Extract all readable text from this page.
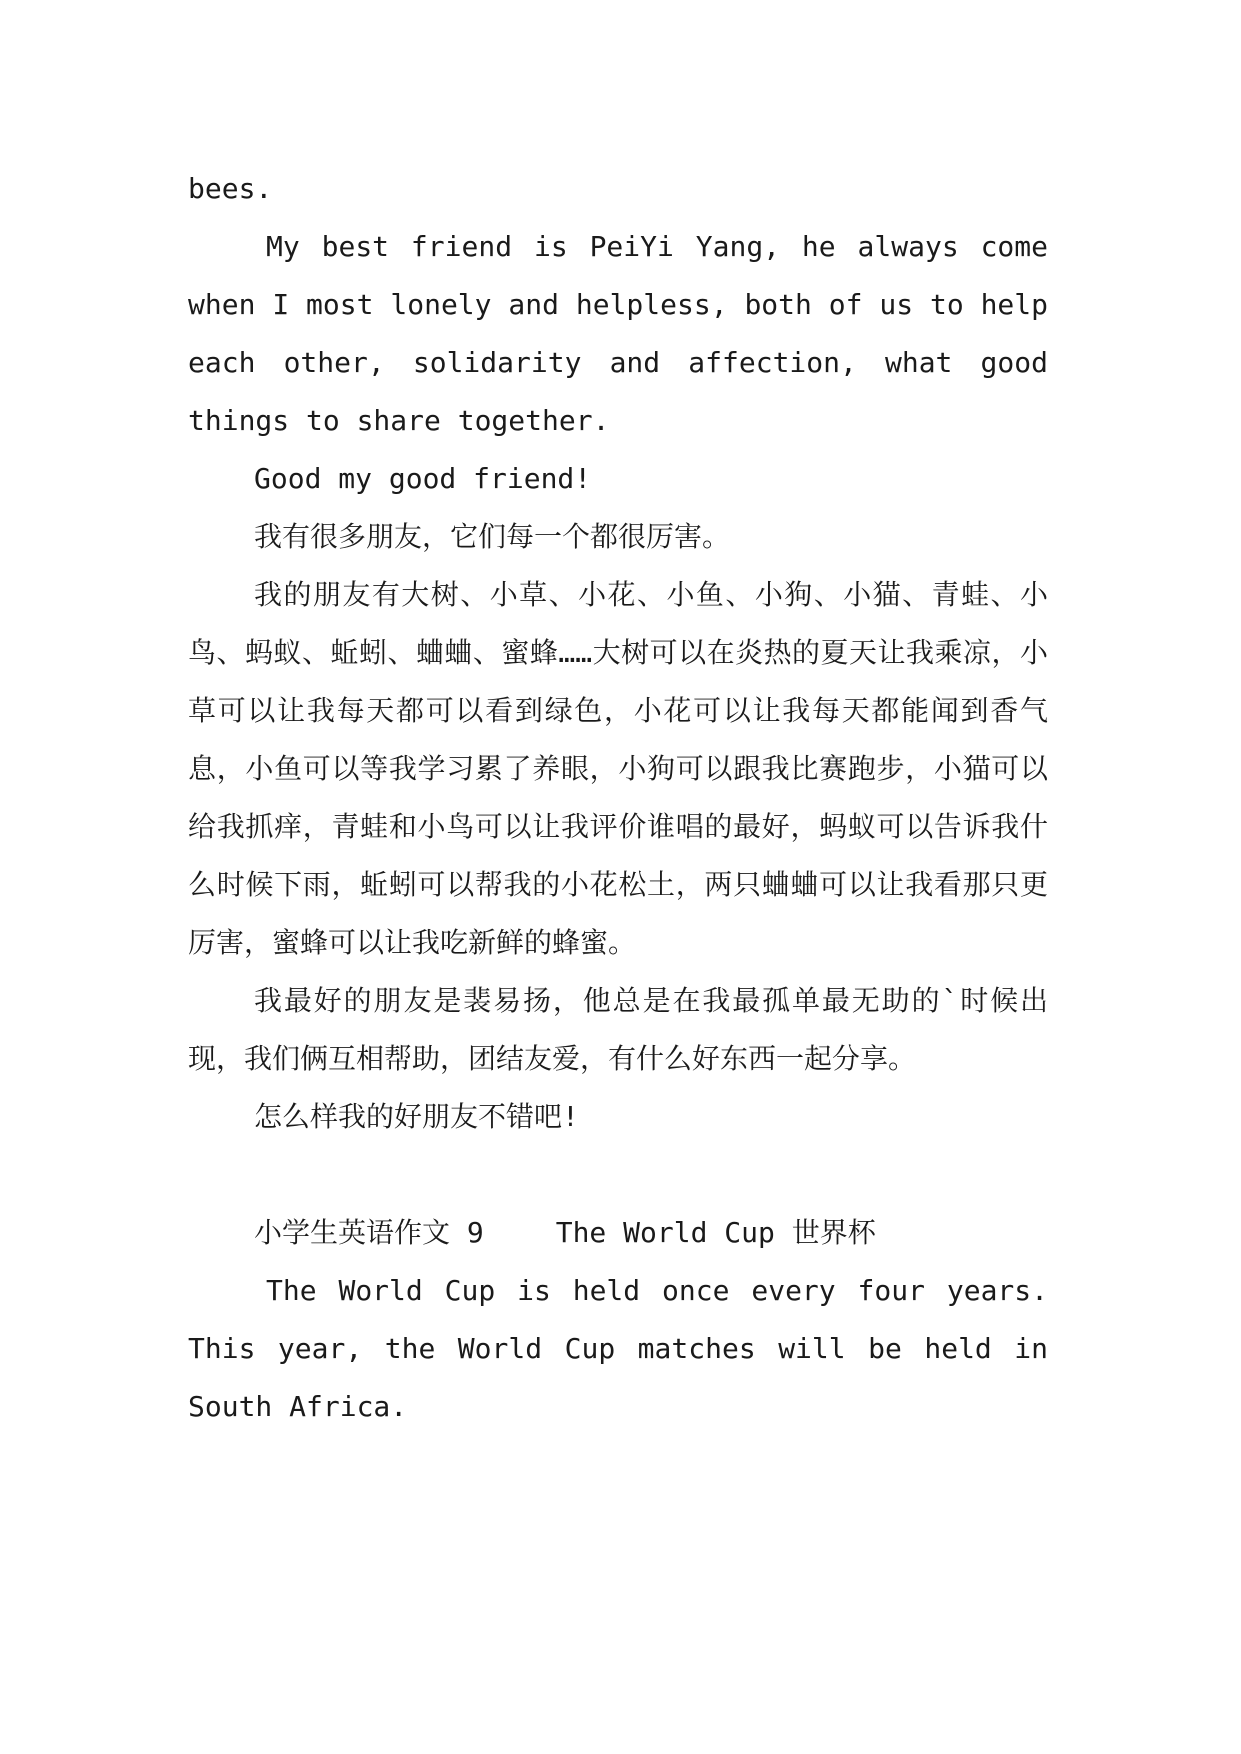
bees.

My best friend is PeiYi Yang, he always come when I most lonely and helpless, both of us to help each other, solidarity and affection, what good things to share together.

Good my good friend!

我有很多朋友，它们每一个都很厉害。

我的朋友有大树、小草、小花、小鱼、小狗、小猫、青蛙、小鸟、蚂蚁、蚯蚓、蛐蛐、蜜蜂……大树可以在炎热的夏天让我乘凉，小草可以让我每天都可以看到绿色，小花可以让我每天都能闻到香气息，小鱼可以等我学习累了养眼，小狗可以跟我比赛跑步，小猫可以给我抓痒，青蛙和小鸟可以让我评价谁唱的最好，蚂蚁可以告诉我什么时候下雨，蚯蚓可以帮我的小花松土，两只蛐蛐可以让我看那只更厉害，蜜蜂可以让我吃新鲜的蜂蜜。

我最好的朋友是裴易扬，他总是在我最孤单最无助的`时候出现，我们俩互相帮助，团结友爱，有什么好东西一起分享。

怎么样我的好朋友不错吧!

小学生英语作文 9	The World Cup 世界杯

The World Cup is held once every four years. This year, the World Cup matches will be held in South Africa.
